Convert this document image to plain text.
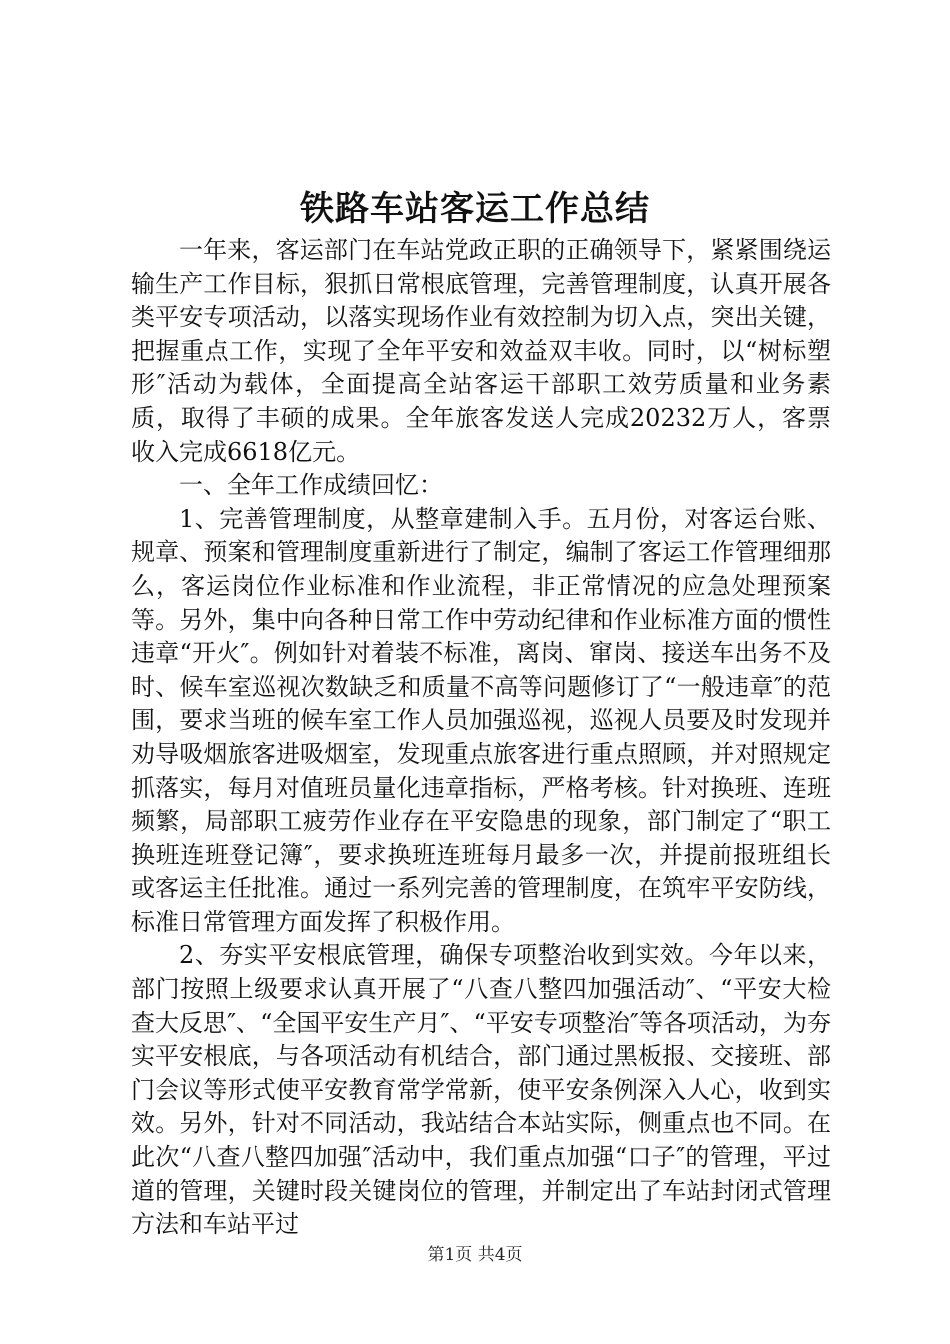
铁路车站客运工作总结

一年来，客运部门在车站党政正职的正确领导下，紧紧围绕运输生产工作目标，狠抓日常根底管理，完善管理制度，认真开展各类平安专项活动，以落实现场作业有效控制为切入点，突出关键，把握重点工作，实现了全年平安和效益双丰收。同时，以“树标塑形″活动为载体，全面提高全站客运干部职工效劳质量和业务素质，取得了丰硕的成果。全年旅客发送人完成20232万人，客票收入完成6618亿元。

一、全年工作成绩回忆：

1、完善管理制度，从整章建制入手。五月份，对客运台账、规章、预案和管理制度重新进行了制定，编制了客运工作管理细那么，客运岗位作业标准和作业流程，非正常情况的应急处理预案等。另外，集中向各种日常工作中劳动纪律和作业标准方面的惯性违章“开火″。例如针对着装不标准，离岗、窜岗、接送车出务不及时、候车室巡视次数缺乏和质量不高等问题修订了“一般违章″的范围，要求当班的候车室工作人员加强巡视，巡视人员要及时发现并劝导吸烟旅客进吸烟室，发现重点旅客进行重点照顾，并对照规定抓落实，每月对值班员量化违章指标，严格考核。针对换班、连班频繁，局部职工疲劳作业存在平安隐患的现象，部门制定了“职工换班连班登记簿″，要求换班连班每月最多一次，并提前报班组长或客运主任批准。通过一系列完善的管理制度，在筑牢平安防线，标准日常管理方面发挥了积极作用。

2、夯实平安根底管理，确保专项整治收到实效。今年以来，部门按照上级要求认真开展了“八查八整四加强活动″、“平安大检查大反思″、“全国平安生产月″、“平安专项整治″等各项活动，为夯实平安根底，与各项活动有机结合，部门通过黑板报、交接班、部门会议等形式使平安教育常学常新，使平安条例深入人心，收到实效。另外，针对不同活动，我站结合本站实际，侧重点也不同。在此次“八查八整四加强″活动中，我们重点加强“口子″的管理，平过道的管理，关键时段关键岗位的管理，并制定出了车站封闭式管理方法和车站平过

第1页 共4页
